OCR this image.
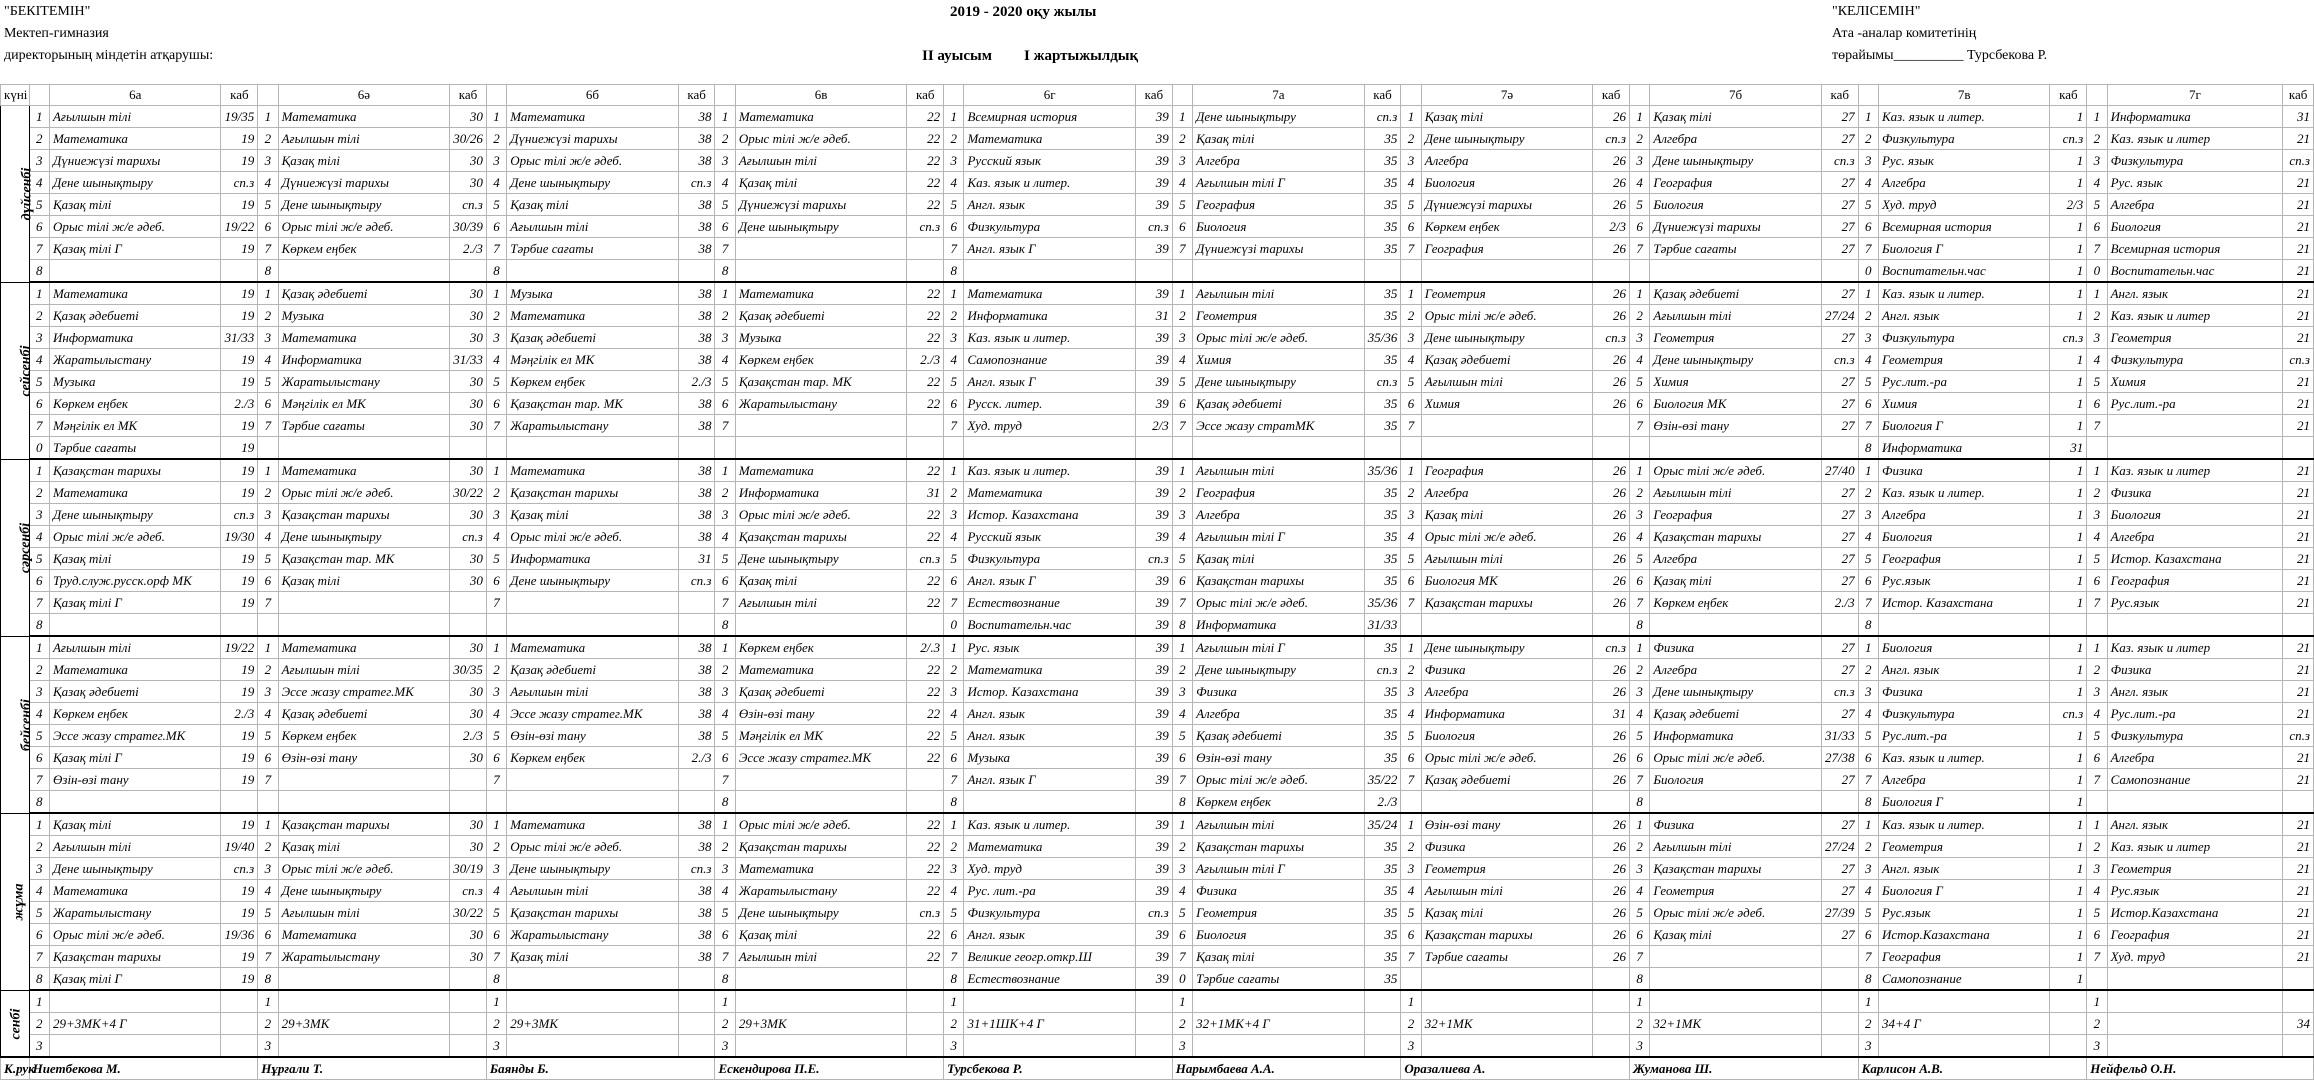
"БЕКІТЕМІН"
Мектеп-гимназия
директорының міндетін атқарушы:
2019 - 2020 оқу жылы
II ауысым I жартыжылдық
"КЕЛІСЕМІН"
Ата -аналар комитетінің
төрайымы__________ Турсбекова Р.
күні		6а	каб		6ә	каб		6б	каб		6в	каб		6г	каб		7а	каб		7ә	каб		7б	каб		7в	каб		7г	каб
дүйсенбі	1	Ағылшын тілі	19/35	1	Математика	30	1	Математика	38	1	Математика	22	1	Всемирная история	39	1	Дене шынықтыру	сп.з	1	Қазақ тілі	26	1	Қазақ тілі	27	1	Каз. язык и литер.	1	1	Информатика	31
	2	Математика	19	2	Ағылшын тілі	30/26	2	Дүниежүзі тарихы	38	2	Орыс тілі ж/е әдеб.	22	2	Математика	39	2	Қазақ тілі	35	2	Дене шынықтыру	сп.з	2	Алгебра	27	2	Физкультура	сп.з	2	Каз. язык и литер	21
	3	Дүниежүзі тарихы	19	3	Қазақ тілі	30	3	Орыс тілі ж/е әдеб.	38	3	Ағылшын тілі	22	3	Русский язык	39	3	Алгебра	35	3	Алгебра	26	3	Дене шынықтыру	сп.з	3	Рус. язык	1	3	Физкультура	сп.з
	4	Дене шынықтыру	сп.з	4	Дүниежүзі тарихы	30	4	Дене шынықтыру	сп.з	4	Қазақ тілі	22	4	Каз. язык и литер.	39	4	Ағылшын тілі Г	35	4	Биология	26	4	География	27	4	Алгебра	1	4	Рус. язык	21
	5	Қазақ тілі	19	5	Дене шынықтыру	сп.з	5	Қазақ тілі	38	5	Дүниежүзі тарихы	22	5	Англ. язык	39	5	География	35	5	Дүниежүзі тарихы	26	5	Биология	27	5	Худ. труд	2/3	5	Алгебра	21
	6	Орыс тілі ж/е әдеб.	19/22	6	Орыс тілі ж/е әдеб.	30/39	6	Ағылшын тілі	38	6	Дене шынықтыру	сп.з	6	Физкультура	сп.з	6	Биология	35	6	Көркем еңбек	2/3	6	Дүниежүзі тарихы	27	6	Всемирная история	1	6	Биология	21
	7	Қазақ тілі Г	19	7	Көркем еңбек	2./3	7	Тәрбие сағаты	38	7			7	Англ. язык Г	39	7	Дүниежүзі тарихы	35	7	География	26	7	Тәрбие сағаты	27	7	Биология Г	1	7	Всемирная история	21
	8			8			8			8			8												0	Воспитательн.час	1	0	Воспитательн.час	21
сейсенбі	1	Математика	19	1	Қазақ әдебиеті	30	1	Музыка	38	1	Математика	22	1	Математика	39	1	Ағылшын тілі	35	1	Геометрия	26	1	Қазақ әдебиеті	27	1	Каз. язык и литер.	1	1	Англ. язык	21
	2	Қазақ әдебиеті	19	2	Музыка	30	2	Математика	38	2	Қазақ әдебиеті	22	2	Информатика	31	2	Геометрия	35	2	Орыс тілі ж/е әдеб.	26	2	Ағылшын тілі	27/24	2	Англ. язык	1	2	Каз. язык и литер	21
	3	Информатика	31/33	3	Математика	30	3	Қазақ әдебиеті	38	3	Музыка	22	3	Каз. язык и литер.	39	3	Орыс тілі ж/е әдеб.	35/36	3	Дене шынықтыру	сп.з	3	Геометрия	27	3	Физкультура	сп.з	3	Геометрия	21
	4	Жаратылыстану	19	4	Информатика	31/33	4	Мәңгілік ел МК	38	4	Көркем еңбек	2./3	4	Самопознание	39	4	Химия	35	4	Қазақ әдебиеті	26	4	Дене шынықтыру	сп.з	4	Геометрия	1	4	Физкультура	сп.з
	5	Музыка	19	5	Жаратылыстану	30	5	Көркем еңбек	2./3	5	Қазақстан тар. МК	22	5	Англ. язык Г	39	5	Дене шынықтыру	сп.з	5	Ағылшын тілі	26	5	Химия	27	5	Рус.лит.-ра	1	5	Химия	21
	6	Көркем еңбек	2./3	6	Мәңгілік ел МК	30	6	Қазақстан тар. МК	38	6	Жаратылыстану	22	6	Русск. литер.	39	6	Қазақ әдебиеті	35	6	Химия	26	6	Биология МК	27	6	Химия	1	6	Рус.лит.-ра	21
	7	Мәңгілік ел МК	19	7	Тәрбие сағаты	30	7	Жаратылыстану	38	7			7	Худ. труд	2/3	7	Эссе жазу стратМК	35	7			7	Өзін-өзі тану	27	7	Биология Г	1	7		21
	0	Тәрбие сағаты	19																						8	Информатика	31			
сәрсенбі	1	Қазақстан тарихы	19	1	Математика	30	1	Математика	38	1	Математика	22	1	Каз. язык и литер.	39	1	Ағылшын тілі	35/36	1	География	26	1	Орыс тілі ж/е әдеб.	27/40	1	Физика	1	1	Каз. язык и литер	21
	2	Математика	19	2	Орыс тілі ж/е әдеб.	30/22	2	Қазақстан тарихы	38	2	Информатика	31	2	Математика	39	2	География	35	2	Алгебра	26	2	Ағылшын тілі	27	2	Каз. язык и литер.	1	2	Физика	21
	3	Дене шынықтыру	сп.з	3	Қазақстан тарихы	30	3	Қазақ тілі	38	3	Орыс тілі ж/е әдеб.	22	3	Истор. Казахстана	39	3	Алгебра	35	3	Қазақ тілі	26	3	География	27	3	Алгебра	1	3	Биология	21
	4	Орыс тілі ж/е әдеб.	19/30	4	Дене шынықтыру	сп.з	4	Орыс тілі ж/е әдеб.	38	4	Қазақстан тарихы	22	4	Русский язык	39	4	Ағылшын тілі Г	35	4	Орыс тілі ж/е әдеб.	26	4	Қазақстан тарихы	27	4	Биология	1	4	Алгебра	21
	5	Қазақ тілі	19	5	Қазақстан тар. МК	30	5	Информатика	31	5	Дене шынықтыру	сп.з	5	Физкультура	сп.з	5	Қазақ тілі	35	5	Ағылшын тілі	26	5	Алгебра	27	5	География	1	5	Истор. Казахстана	21
	6	Труд.служ.русск.орф МК	19	6	Қазақ тілі	30	6	Дене шынықтыру	сп.з	6	Қазақ тілі	22	6	Англ. язык Г	39	6	Қазақстан тарихы	35	6	Биология МК	26	6	Қазақ тілі	27	6	Рус.язык	1	6	География	21
	7	Қазақ тілі Г	19	7			7			7	Ағылшын тілі	22	7	Естествознание	39	7	Орыс тілі ж/е әдеб.	35/36	7	Қазақстан тарихы	26	7	Көркем еңбек	2./3	7	Истор. Казахстана	1	7	Рус.язык	21
	8									8			0	Воспитательн.час	39	8	Информатика	31/33				8			8					
бейсенбі	1	Ағылшын тілі	19/22	1	Математика	30	1	Математика	38	1	Көркем еңбек	2/.3	1	Рус. язык	39	1	Ағылшын тілі Г	35	1	Дене шынықтыру	сп.з	1	Физика	27	1	Биология	1	1	Каз. язык и литер	21
	2	Математика	19	2	Ағылшын тілі	30/35	2	Қазақ әдебиеті	38	2	Математика	22	2	Математика	39	2	Дене шынықтыру	сп.з	2	Физика	26	2	Алгебра	27	2	Англ. язык	1	2	Физика	21
	3	Қазақ әдебиеті	19	3	Эссе жазу стратег.МК	30	3	Ағылшын тілі	38	3	Қазақ әдебиеті	22	3	Истор. Казахстана	39	3	Физика	35	3	Алгебра	26	3	Дене шынықтыру	сп.з	3	Физика	1	3	Англ. язык	21
	4	Көркем еңбек	2./3	4	Қазақ әдебиеті	30	4	Эссе жазу стратег.МК	38	4	Өзін-өзі тану	22	4	Англ. язык	39	4	Алгебра	35	4	Информатика	31	4	Қазақ әдебиеті	27	4	Физкультура	сп.з	4	Рус.лит.-ра	21
	5	Эссе жазу стратег.МК	19	5	Көркем еңбек	2./3	5	Өзін-өзі тану	38	5	Мәңгілік ел МК	22	5	Англ. язык	39	5	Қазақ әдебиеті	35	5	Биология	26	5	Информатика	31/33	5	Рус.лит.-ра	1	5	Физкультура	сп.з
	6	Қазақ тілі Г	19	6	Өзін-өзі тану	30	6	Көркем еңбек	2./3	6	Эссе жазу стратег.МК	22	6	Музыка	39	6	Өзін-өзі тану	35	6	Орыс тілі ж/е әдеб.	26	6	Орыс тілі ж/е әдеб.	27/38	6	Каз. язык и литер.	1	6	Алгебра	21
	7	Өзін-өзі тану	19	7			7			7			7	Англ. язык Г	39	7	Орыс тілі ж/е әдеб.	35/22	7	Қазақ әдебиеті	26	7	Биология	27	7	Алгебра	1	7	Самопознание	21
	8									8			8			8	Көркем еңбек	2./3				8			8	Биология Г	1			
жұма	1	Қазақ тілі	19	1	Қазақстан тарихы	30	1	Математика	38	1	Орыс тілі ж/е әдеб.	22	1	Каз. язык и литер.	39	1	Ағылшын тілі	35/24	1	Өзін-өзі тану	26	1	Физика	27	1	Каз. язык и литер.	1	1	Англ. язык	21
	2	Ағылшын тілі	19/40	2	Қазақ тілі	30	2	Орыс тілі ж/е әдеб.	38	2	Қазақстан тарихы	22	2	Математика	39	2	Қазақстан тарихы	35	2	Физика	26	2	Ағылшын тілі	27/24	2	Геометрия	1	2	Каз. язык и литер	21
	3	Дене шынықтыру	сп.з	3	Орыс тілі ж/е әдеб.	30/19	3	Дене шынықтыру	сп.з	3	Математика	22	3	Худ. труд	39	3	Ағылшын тілі Г	35	3	Геометрия	26	3	Қазақстан тарихы	27	3	Англ. язык	1	3	Геометрия	21
	4	Математика	19	4	Дене шынықтыру	сп.з	4	Ағылшын тілі	38	4	Жаратылыстану	22	4	Рус. лит.-ра	39	4	Физика	35	4	Ағылшын тілі	26	4	Геометрия	27	4	Биология Г	1	4	Рус.язык	21
	5	Жаратылыстану	19	5	Ағылшын тілі	30/22	5	Қазақстан тарихы	38	5	Дене шынықтыру	сп.з	5	Физкультура	сп.з	5	Геометрия	35	5	Қазақ тілі	26	5	Орыс тілі ж/е әдеб.	27/39	5	Рус.язык	1	5	Истор.Казахстана	21
	6	Орыс тілі ж/е әдеб.	19/36	6	Математика	30	6	Жаратылыстану	38	6	Қазақ тілі	22	6	Англ. язык	39	6	Биология	35	6	Қазақстан тарихы	26	6	Қазақ тілі	27	6	Истор.Казахстана	1	6	География	21
	7	Қазақстан тарихы	19	7	Жаратылыстану	30	7	Қазақ тілі	38	7	Ағылшын тілі	22	7	Великие геогр.откр.Ш	39	7	Қазақ тілі	35	7	Тәрбие сағаты	26	7			7	География	1	7	Худ. труд	21
	8	Қазақ тілі Г	19	8			8			8			8	Естествознание	39	0	Тәрбие сағаты	35				8			8	Самопознание	1			
сенбі	1			1			1			1			1			1			1			1			1			1		
	2	29+3МК+4 Г		2	29+3МК		2	29+3МК		2	29+3МК		2	31+1ШК+4 Г		2	32+1МК+4 Г		2	32+1МК		2	32+1МК		2	34+4 Г		2		34
	3			3			3			3			3			3			3			3			3			3		
К.рук	Ниетбекова М.			Нұрғали Т.			Баянды Б.			Ескендирова П.Е.			Турсбекова Р.			Нарымбаева А.А.			Оразалиева А.			Жуманова Ш.			Карлисон А.В.			Нейфельд О.Н.		
